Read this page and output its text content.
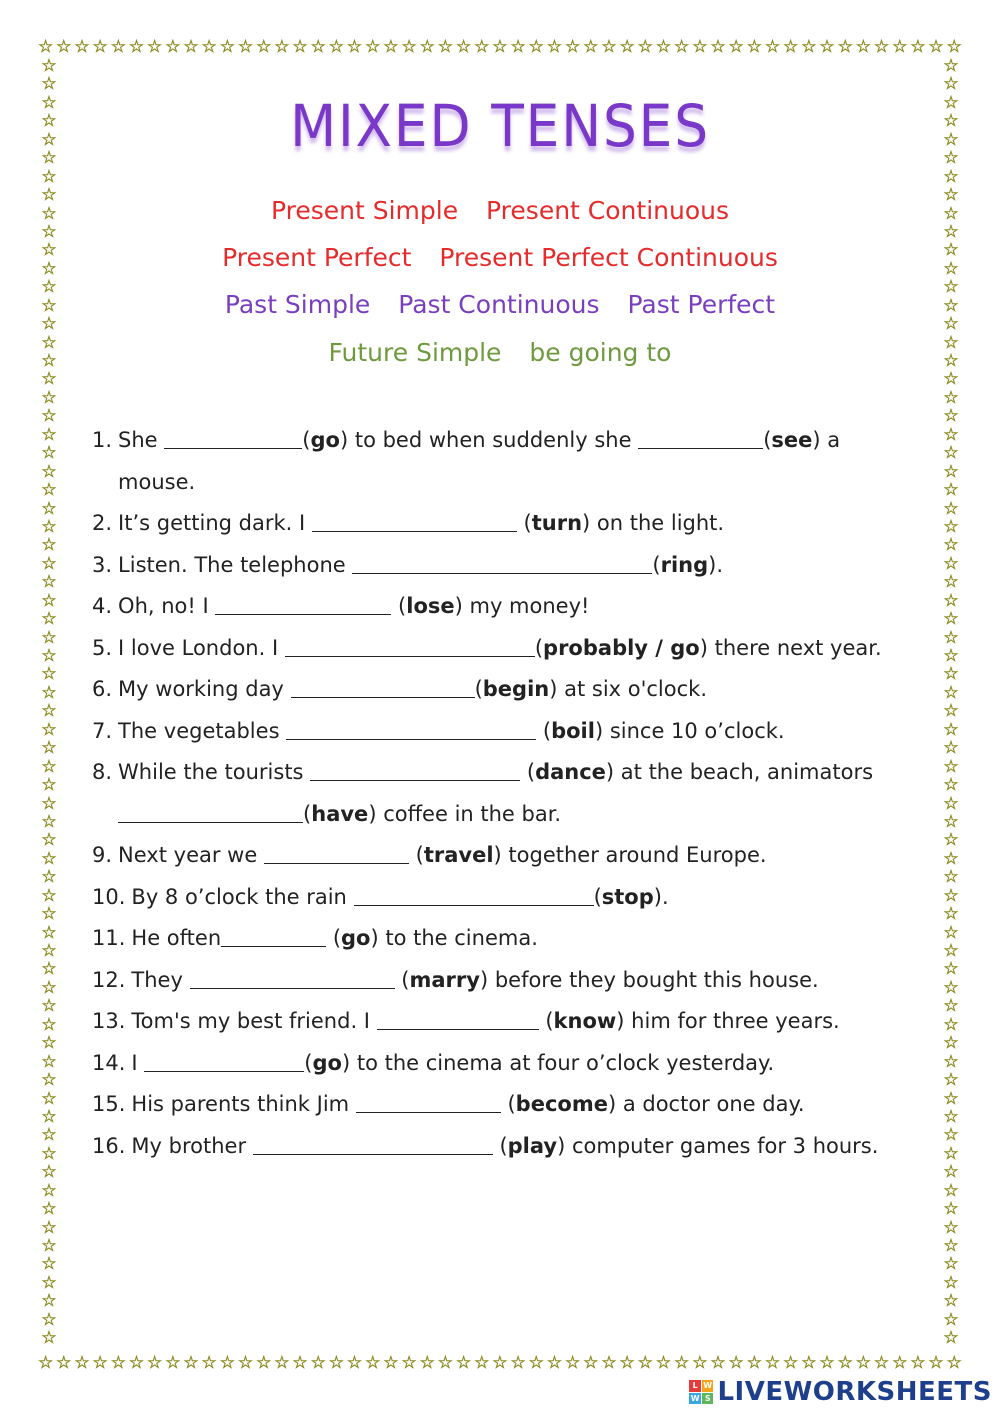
☆ ☆ ☆ ☆ ☆ ☆ ☆ ☆ ☆ ☆ ☆ ☆ ☆ ☆ ☆ ☆ ☆ ☆ ☆ ☆ ☆ ☆ ☆ ☆ ☆ ☆ ☆ ☆ ☆ ☆ ☆ ☆ ☆ ☆ ☆ ☆ ☆ ☆ ☆ ☆ ☆ ☆ ☆ ☆ ☆ ☆ ☆ ☆ ☆ ☆ ☆
☆ ☆ ☆ ☆ ☆ ☆ ☆ ☆ ☆ ☆ ☆ ☆ ☆ ☆ ☆ ☆ ☆ ☆ ☆ ☆ ☆ ☆ ☆ ☆ ☆ ☆ ☆ ☆ ☆ ☆ ☆ ☆ ☆ ☆ ☆ ☆ ☆ ☆ ☆ ☆ ☆ ☆ ☆ ☆ ☆ ☆ ☆ ☆ ☆ ☆ ☆
☆
☆
☆
☆
☆
☆
☆
☆
☆
☆
☆
☆
☆
☆
☆
☆
☆
☆
☆
☆
☆
☆
☆
☆
☆
☆
☆
☆
☆
☆
☆
☆
☆
☆
☆
☆
☆
☆
☆
☆
☆
☆
☆
☆
☆
☆
☆
☆
☆
☆
☆
☆
☆
☆
☆
☆
☆
☆
☆
☆
☆
☆
☆
☆
☆
☆
☆
☆
☆
☆
☆
☆
☆
☆
☆
☆
☆
☆
☆
☆
☆
☆
☆
☆
☆
☆
☆
☆
☆
☆
☆
☆
☆
☆
☆
☆
☆
☆
☆
☆
☆
☆
☆
☆
☆
☆
☆
☆
☆
☆
☆
☆
☆
☆
☆
☆
☆
☆
☆
☆
☆
☆
☆
☆
☆
☆
☆
☆
☆
☆
☆
☆
☆
☆
☆
☆
☆
☆
☆
☆
MIXED TENSES
Present Simple Present Continuous
Present Perfect Present Perfect Continuous
Past Simple Past Continuous Past Perfect
Future Simple be going to
1. She	(go) to bed when suddenly she	(see) a mouse.
2. It’s getting dark. I	(turn) on the light.
3. Listen. The telephone	(ring).
4. Oh, no! I	(lose) my money!
5. I love London. I	(probably / go) there next year.
6. My working day	(begin) at six o'clock.
7. The vegetables	(boil) since 10 o’clock.
8. While the tourists	(dance) at the beach, animators (have) coffee in the bar.
9. Next year we	(travel) together around Europe.
10. By 8 o’clock the rain	(stop).
11. He often	(go) to the cinema.
12. They	(marry) before they bought this house.
13. Tom's my best friend. I	(know) him for three years.
14. I	(go) to the cinema at four o’clock yesterday.
15. His parents think Jim	(become) a doctor one day.
16. My brother	(play) computer games for 3 hours.
L W
W S LIVEWORKSHEETS
